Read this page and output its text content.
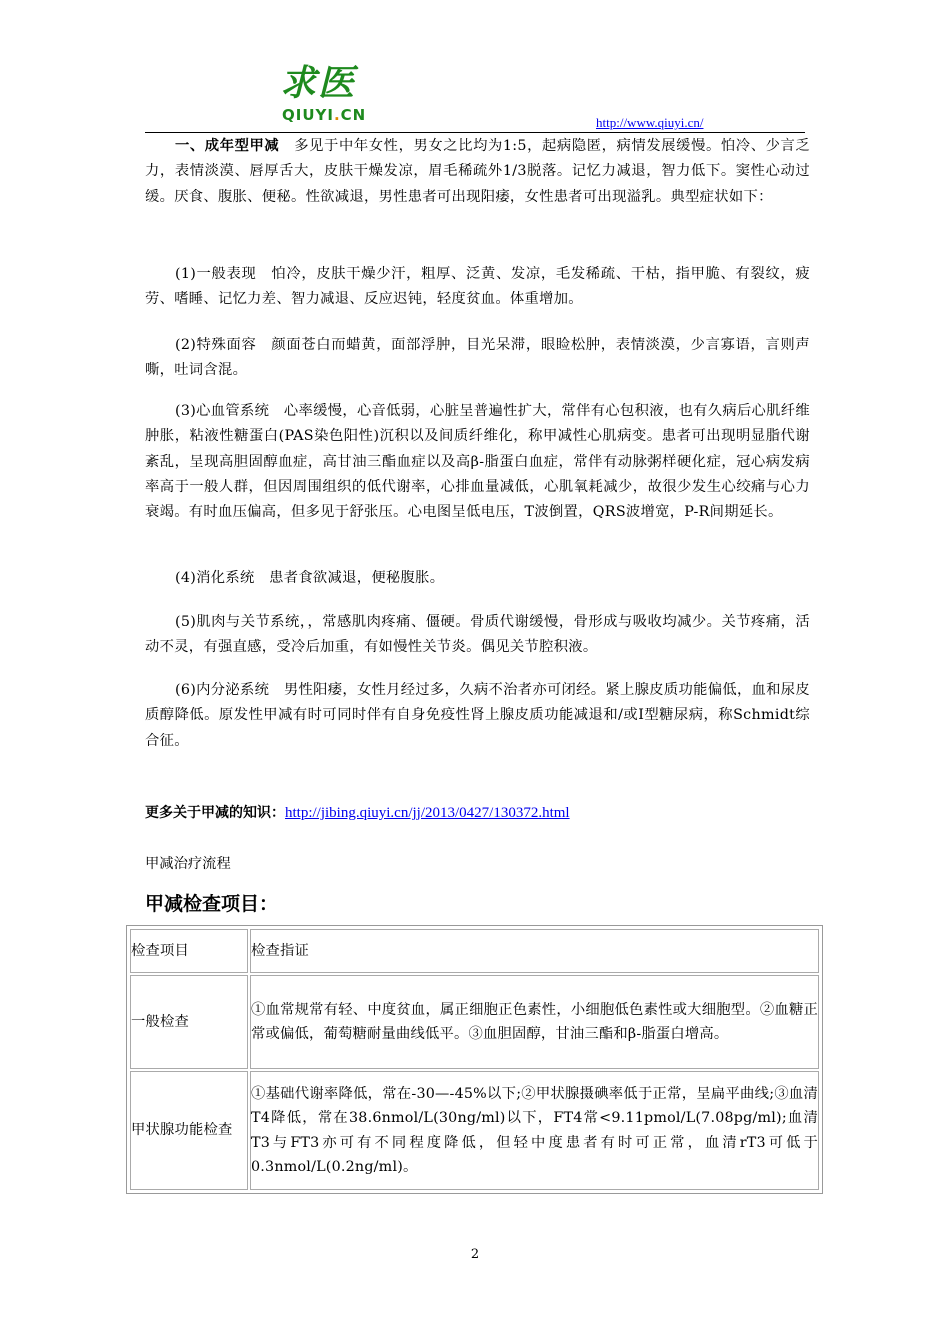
求医
QIUYI.CN	http://www.qiuyi.cn/

一、成年型甲减　多见于中年女性，男女之比均为1:5，起病隐匿，病情发展缓慢。怕冷、少言乏力，表情淡漠、唇厚舌大，皮肤干燥发凉，眉毛稀疏外1/3脱落。记忆力减退，智力低下。窦性心动过缓。厌食、腹胀、便秘。性欲减退，男性患者可出现阳痿，女性患者可出现溢乳。典型症状如下：

(1)一般表现　怕冷，皮肤干燥少汗，粗厚、泛黄、发凉，毛发稀疏、干枯，指甲脆、有裂纹，疲劳、嗜睡、记忆力差、智力减退、反应迟钝，轻度贫血。体重增加。

(2)特殊面容　颜面苍白而蜡黄，面部浮肿，目光呆滞，眼睑松肿，表情淡漠，少言寡语，言则声嘶，吐词含混。

(3)心血管系统　心率缓慢，心音低弱，心脏呈普遍性扩大，常伴有心包积液，也有久病后心肌纤维肿胀，粘液性糖蛋白(PAS染色阳性)沉积以及间质纤维化，称甲减性心肌病变。患者可出现明显脂代谢紊乱，呈现高胆固醇血症，高甘油三酯血症以及高β-脂蛋白血症，常伴有动脉粥样硬化症，冠心病发病率高于一般人群，但因周围组织的低代谢率，心排血量减低，心肌氧耗减少，故很少发生心绞痛与心力衰竭。有时血压偏高，但多见于舒张压。心电图呈低电压，T波倒置，QRS波增宽，P-R间期延长。

(4)消化系统　患者食欲减退，便秘腹胀。

(5)肌肉与关节系统，，常感肌肉疼痛、僵硬。骨质代谢缓慢，骨形成与吸收均减少。关节疼痛，活动不灵，有强直感，受冷后加重，有如慢性关节炎。偶见关节腔积液。

(6)内分泌系统　男性阳痿，女性月经过多，久病不治者亦可闭经。紧上腺皮质功能偏低，血和尿皮质醇降低。原发性甲减有时可同时伴有自身免疫性肾上腺皮质功能减退和/或I型糖尿病，称Schmidt综合征。

更多关于甲减的知识：http://jibing.qiuyi.cn/jj/2013/0427/130372.html
甲减治疗流程
甲减检查项目：
检查项目	检查指证
一般检查
①血常规常有轻、中度贫血，属正细胞正色素性，小细胞低色素性或大细胞型。②血糖正常或偏低，葡萄糖耐量曲线低平。③血胆固醇，甘油三酯和β-脂蛋白增高。
甲状腺功能检查
①基础代谢率降低，常在-30—-45%以下;②甲状腺摄碘率低于正常，呈扁平曲线;③血清T4降低，常在38.6nmol/L(30ng/ml)以下，FT4常<9.11pmol/L(7.08pg/ml);血清T3与FT3亦可有不同程度降低，但轻中度患者有时可正常，血清rT3可低于0.3nmol/L(0.2ng/ml)。
2
